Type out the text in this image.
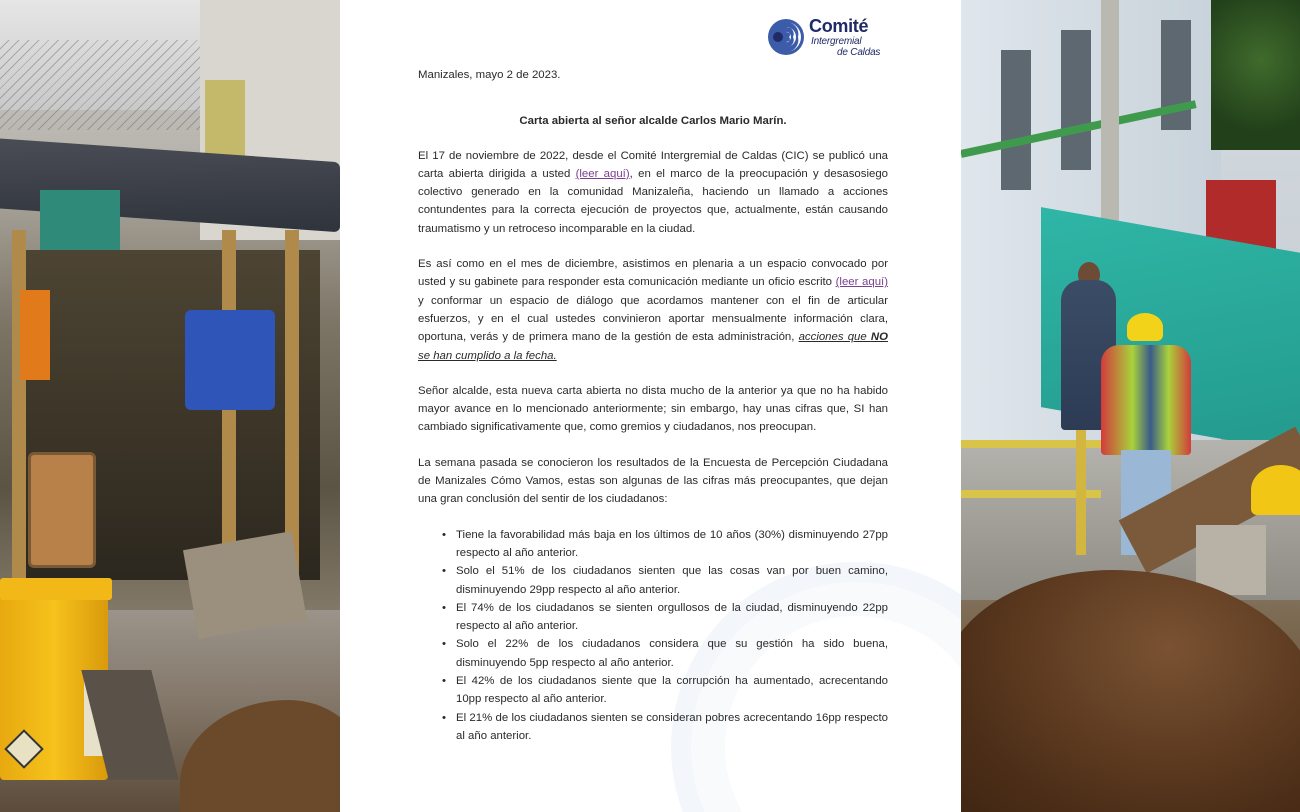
Comité
Intergremial
de Caldas
Manizales, mayo 2 de 2023.
Carta abierta al señor alcalde Carlos Mario Marín.

El 17 de noviembre de 2022, desde el Comité Intergremial de Caldas (CIC) se publicó una carta abierta dirigida a usted (leer aquí), en el marco de la preocupación y desasosiego colectivo generado en la comunidad Manizaleña, haciendo un llamado a acciones contundentes para la correcta ejecución de proyectos que, actualmente, están causando traumatismo y un retroceso incomparable en la ciudad.

Es así como en el mes de diciembre, asistimos en plenaria a un espacio convocado por usted y su gabinete para responder esta comunicación mediante un oficio escrito (leer aquí) y conformar un espacio de diálogo que acordamos mantener con el fin de articular esfuerzos, y en el cual ustedes convinieron aportar mensualmente información clara, oportuna, verás y de primera mano de la gestión de esta administración, acciones que NO se han cumplido a la fecha.

Señor alcalde, esta nueva carta abierta no dista mucho de la anterior ya que no ha habido mayor avance en lo mencionado anteriormente; sin embargo, hay unas cifras que, SI han cambiado significativamente que, como gremios y ciudadanos, nos preocupan.

La semana pasada se conocieron los resultados de la Encuesta de Percepción Ciudadana de Manizales Cómo Vamos, estas son algunas de las cifras más preocupantes, que dejan una gran conclusión del sentir de los ciudadanos:

• Tiene la favorabilidad más baja en los últimos de 10 años (30%) disminuyendo 27pp respecto al año anterior.
• Solo el 51% de los ciudadanos sienten que las cosas van por buen camino, disminuyendo 29pp respecto al año anterior.
• El 74% de los ciudadanos se sienten orgullosos de la ciudad, disminuyendo 22pp respecto al año anterior.
• Solo el 22% de los ciudadanos considera que su gestión ha sido buena, disminuyendo 5pp respecto al año anterior.
• El 42% de los ciudadanos siente que la corrupción ha aumentado, acrecentando 10pp respecto al año anterior.
• El 21% de los ciudadanos sienten se consideran pobres acrecentando 16pp respecto al año anterior.
